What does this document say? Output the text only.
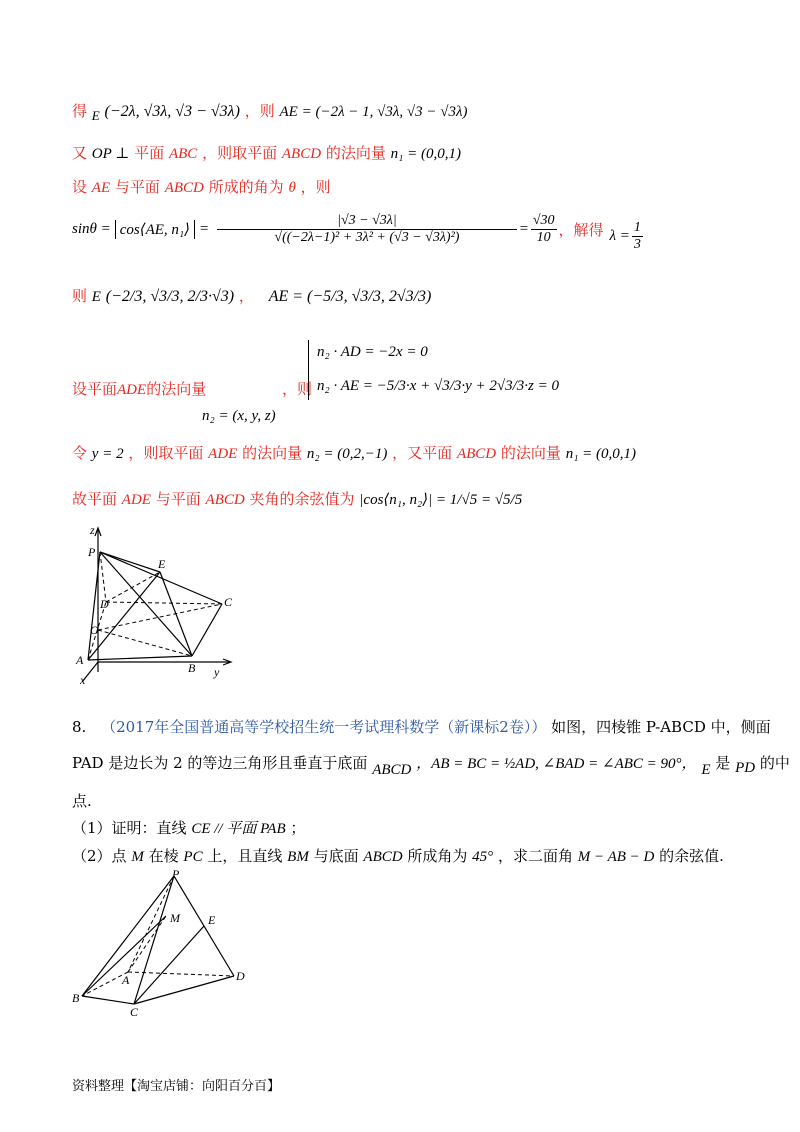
得 E (−2λ, √3λ, √3 − √3λ) ，则 AE = (−2λ − 1, √3λ, √3 − √3λ)
又 OP ⊥ 平面 ABC ，则取平面 ABCD 的法向量 n₁ = (0,0,1)
设 AE 与平面 ABCD 所成的角为 θ ，则
sinθ = cos⟨AE, n₁⟩ = $\frac{|√3 - √3\lambda|}{\text{√((−2λ−1)² + 3λ² + (√3 − √3λ)²)}} = \frac{√30}{10}$ ，解得 $\lambda = \frac{1}{3}$
则 E (−2/3, √3/3, 2/3·√3) ， AE = (−5/3, √3/3, 2√3/3)
设平面ADE的法向量	，则
n₂ · AD = −2x = 0
n₂ · AE = −5/3·x + √3/3·y + 2√3/3·z = 0
n₂ = (x, y, z)
令 y = 2 ，则取平面 ADE 的法向量 n₂ = (0,2,−1) ，又平面 ABCD 的法向量 n₁ = (0,0,1)
故平面 ADE 与平面 ABCD 夹角的余弦值为 |cos⟨n₁, n₂⟩| = 1/√5 = √5/5
z
P
E
D	C
O
A
B
x
y
8. （2017年全国普通高等学校招生统一考试理科数学（新课标2卷）） 如图，四棱锥 P-ABCD 中，侧面
PAD 是边长为 2 的等边三角形且垂直于底面 ABCD ，AB = BC = ½AD, ∠BAD = ∠ABC = 90°， E 是 PD 的中
点.
（1）证明：直线 CE // 平面 PAB ；
（2）点 M 在棱 PC 上，且直线 BM 与底面 ABCD 所成角为 45° ，求二面角 M − AB − D 的余弦值.
P
M E
A	D
B
C
资料整理【淘宝店铺：向阳百分百】
